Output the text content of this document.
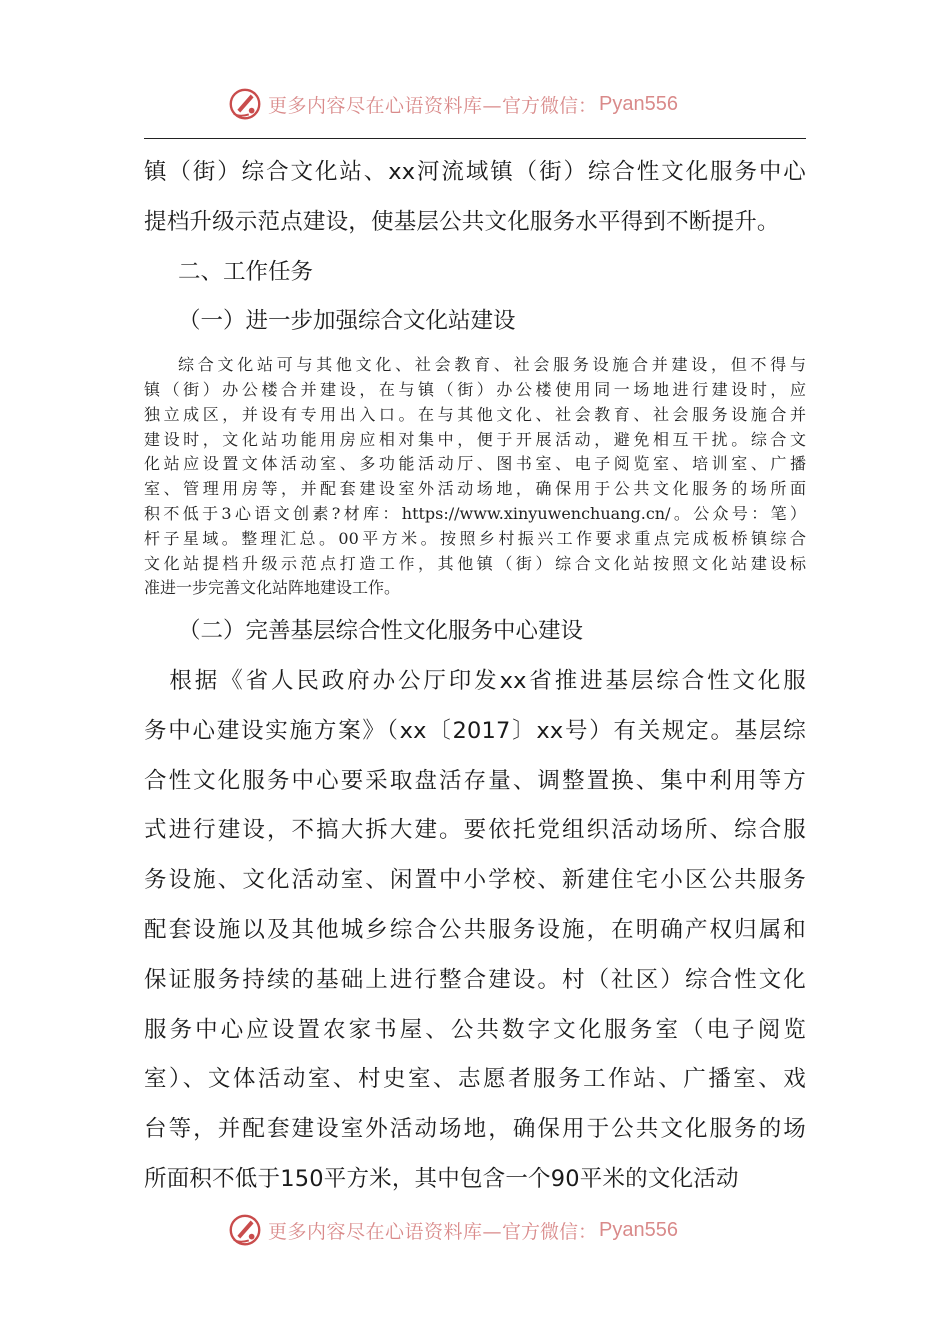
更多内容尽在心语资料库— 官方微信： Pyan556

镇（街）综合文化站、xx河流域镇（街）综合性文化服务中心

提档升级示范点建设，使基层公共文化服务水平得到不断提升。

二、工作任务

（一）进一步加强综合文化站建设

综合文化站可与其他文化、社会教育、社会服务设施合并建设，但不得与

镇（街）办公楼合并建设，在与镇（街）办公楼使用同一场地进行建设时，应

独立成区，并设有专用出入口。在与其他文化、社会教育、社会服务设施合并

建设时，文化站功能用房应相对集中，便于开展活动，避免相互干扰。综合文

化站应设置文体活动室、多功能活动厅、图书室、电子阅览室、培训室、广播

室、管理用房等，并配套建设室外活动场地，确保用于公共文化服务的场所面

积不低于3心语文创素?材库：https://www.xinyuwenchuang.cn/。公众号：笔）

杆子星域。整理汇总。00平方米。按照乡村振兴工作要求重点完成板桥镇综合

文化站提档升级示范点打造工作，其他镇（街）综合文化站按照文化站建设标

准进一步完善文化站阵地建设工作。

（二）完善基层综合性文化服务中心建设

　根据《省人民政府办公厅印发xx省推进基层综合性文化服

务中心建设实施方案》（xx〔2017〕xx号）有关规定。基层综

合性文化服务中心要采取盘活存量、调整置换、集中利用等方

式进行建设，不搞大拆大建。要依托党组织活动场所、综合服

务设施、文化活动室、闲置中小学校、新建住宅小区公共服务

配套设施以及其他城乡综合公共服务设施，在明确产权归属和

保证服务持续的基础上进行整合建设。村（社区）综合性文化

服务中心应设置农家书屋、公共数字文化服务室（电子阅览

室）、文体活动室、村史室、志愿者服务工作站、广播室、戏

台等，并配套建设室外活动场地，确保用于公共文化服务的场

所面积不低于150平方米，其中包含一个90平米的文化活动

更多内容尽在心语资料库— 官方微信： Pyan556
